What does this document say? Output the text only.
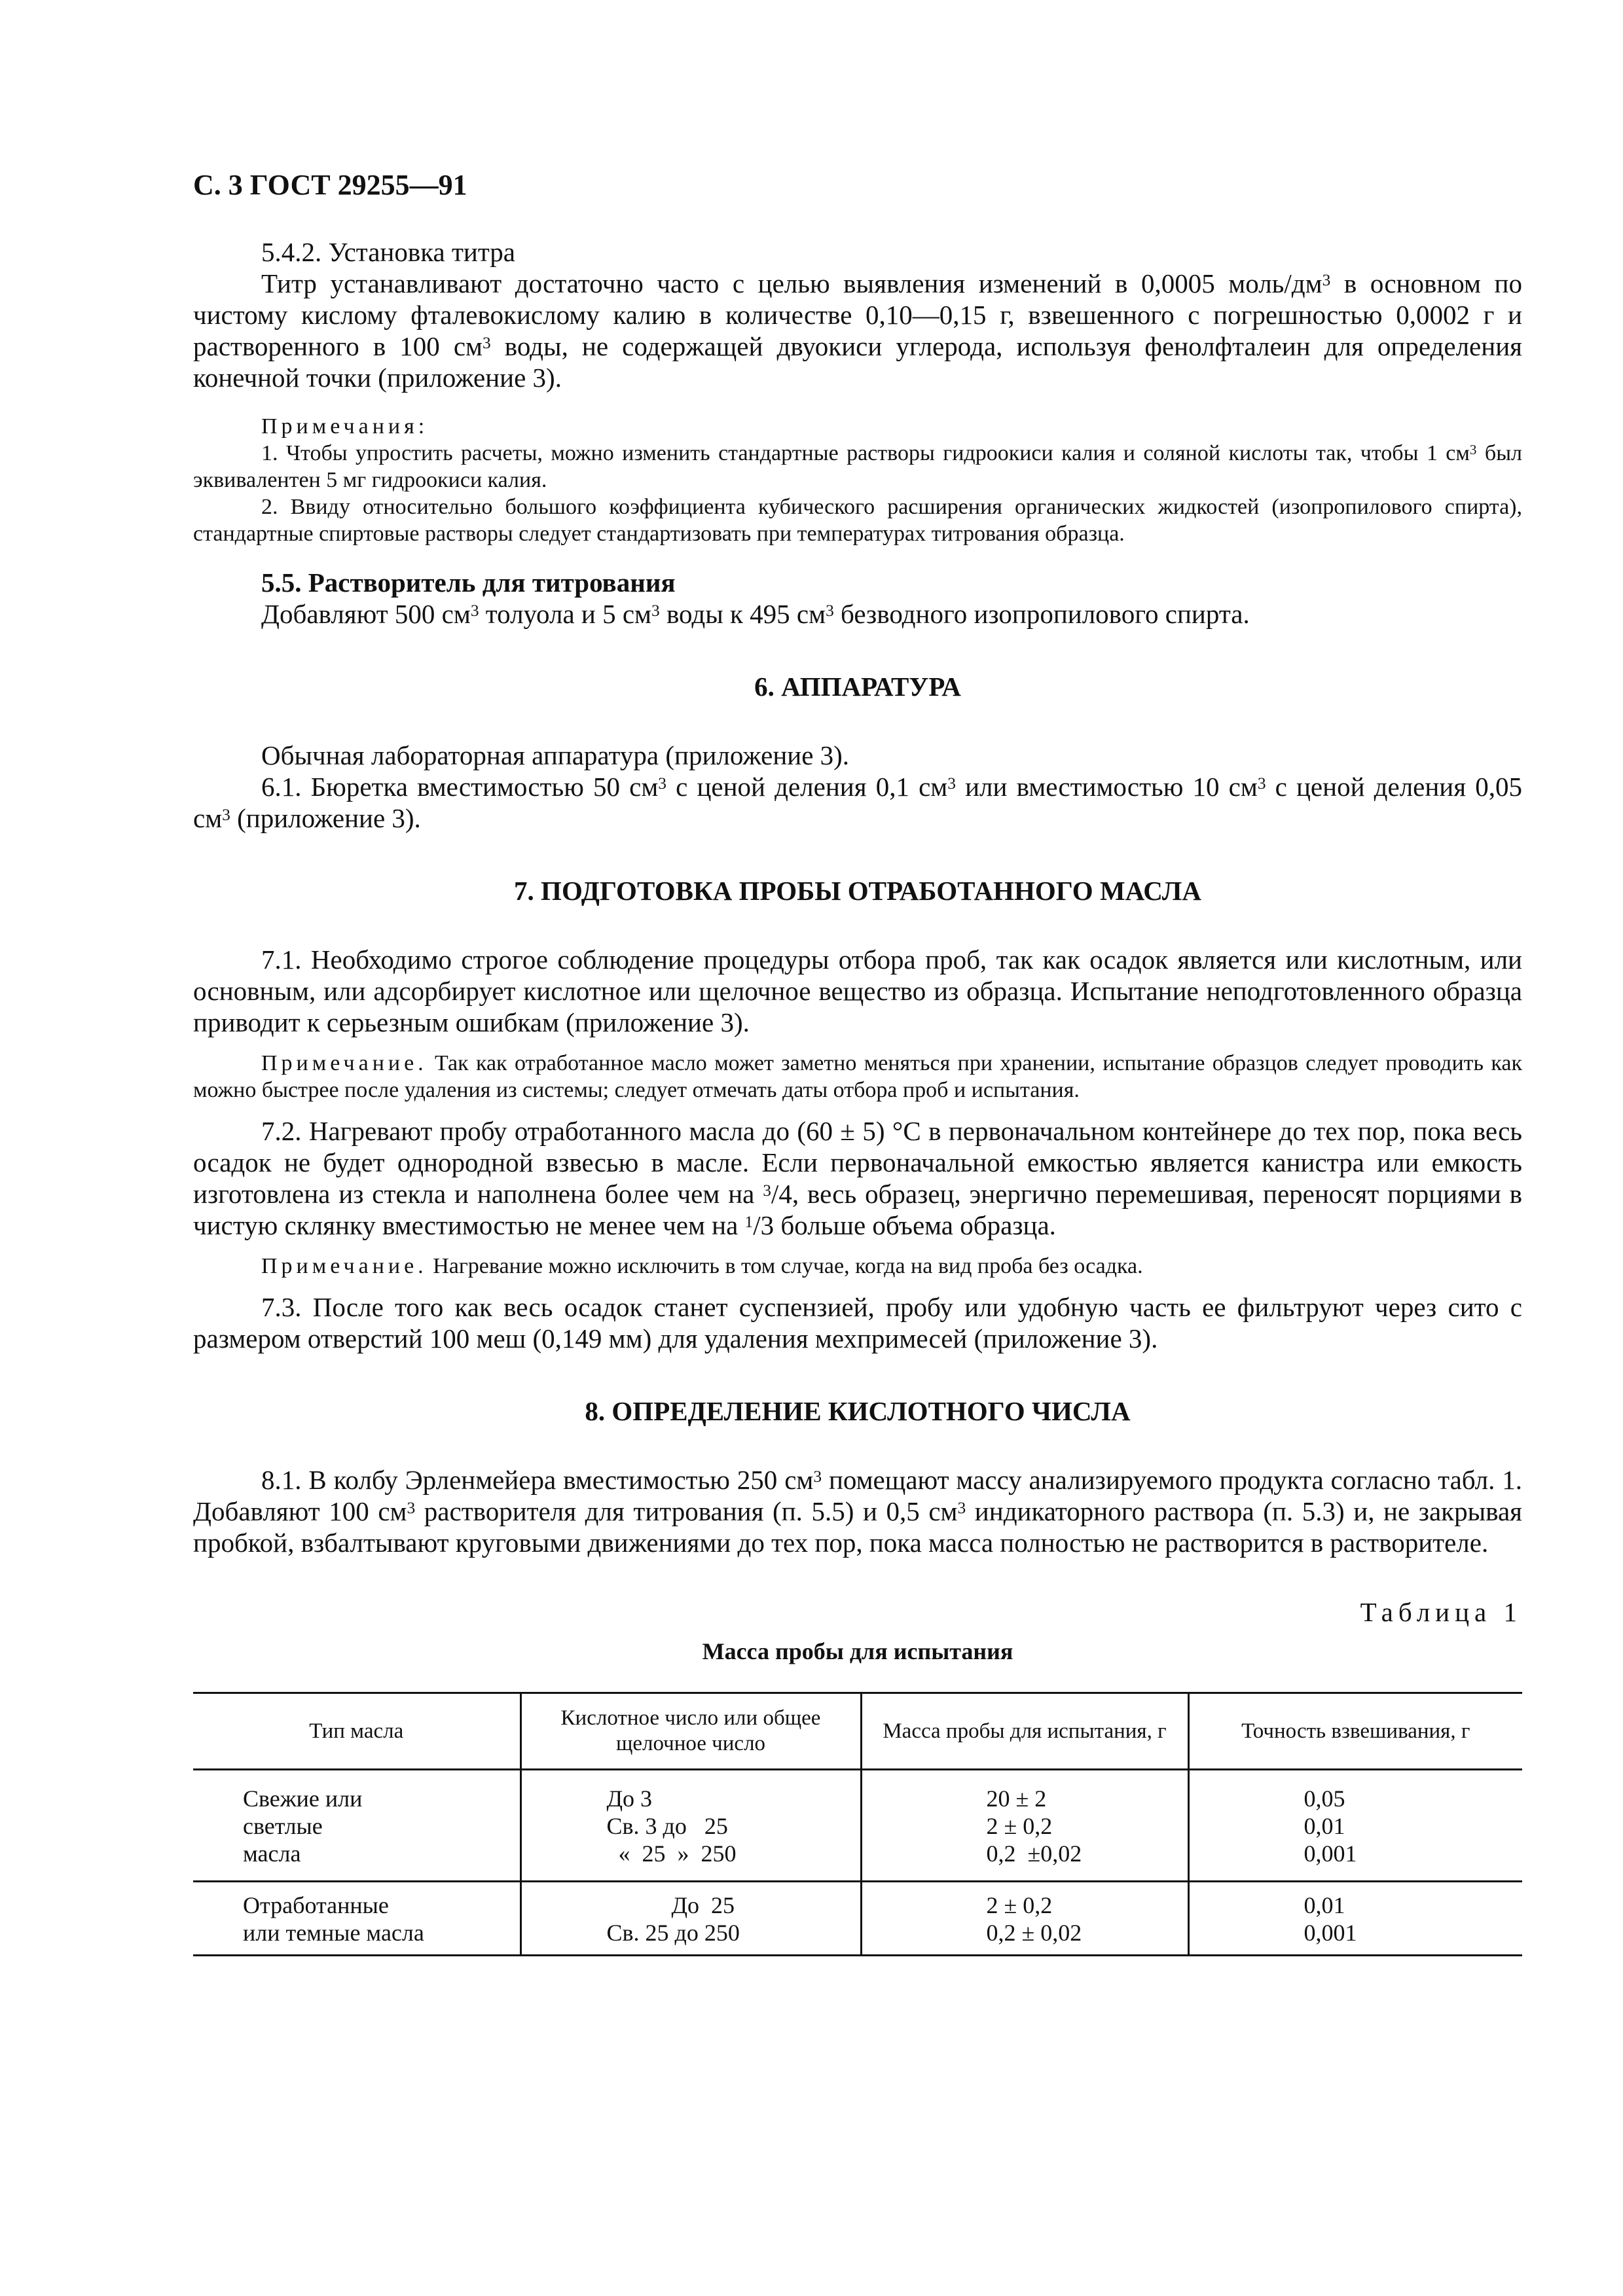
С. 3 ГОСТ 29255—91

5.4.2. Установка титра

Титр устанавливают достаточно часто с целью выявления изменений в 0,0005 моль/$дм^3$ в основном по чистому кислому фталевокислому калию в количестве 0,10—0,15 г, взвешенного с погрешностью 0,0002 г и растворенного в 100 $см^3$ воды, не содержащей двуокиси углерода, используя фенолфталеин для определения конечной точки (приложение 3).

Примечания:

1. Чтобы упростить расчеты, можно изменить стандартные растворы гидроокиси калия и соляной кислоты так, чтобы 1 $см^3$ был эквивалентен 5 мг гидроокиси калия.

2. Ввиду относительно большого коэффициента кубического расширения органических жидкостей (изопропилового спирта), стандартные спиртовые растворы следует стандартизовать при температурах титрования образца.

5.5. Растворитель для титрования

Добавляют 500 $см^3$ толуола и 5 $см^3$ воды к 495 $см^3$ безводного изопропилового спирта.

6. АППАРАТУРА

Обычная лабораторная аппаратура (приложение 3).

6.1. Бюретка вместимостью 50 $см^3$ с ценой деления 0,1 $см^3$ или вместимостью 10 $см^3$ с ценой деления 0,05 $см^3$ (приложение 3).

7. ПОДГОТОВКА ПРОБЫ ОТРАБОТАННОГО МАСЛА

7.1. Необходимо строгое соблюдение процедуры отбора проб, так как осадок является или кислотным, или основным, или адсорбирует кислотное или щелочное вещество из образца. Испытание неподготовленного образца приводит к серьезным ошибкам (приложение 3).

Примечание. Так как отработанное масло может заметно меняться при хранении, испытание образцов следует проводить как можно быстрее после удаления из системы; следует отмечать даты отбора проб и испытания.

7.2. Нагревают пробу отработанного масла до (60 ± 5) °С в первоначальном контейнере до тех пор, пока весь осадок не будет однородной взвесью в масле. Если первоначальной емкостью является канистра или емкость изготовлена из стекла и наполнена более чем на $^3$/4, весь образец, энергично перемешивая, переносят порциями в чистую склянку вместимостью не менее чем на $^1$/3 больше объема образца.

Примечание. Нагревание можно исключить в том случае, когда на вид проба без осадка.

7.3. После того как весь осадок станет суспензией, пробу или удобную часть ее фильтруют через сито с размером отверстий 100 меш (0,149 мм) для удаления мехпримесей (приложение 3).

8. ОПРЕДЕЛЕНИЕ КИСЛОТНОГО ЧИСЛА

8.1. В колбу Эрленмейера вместимостью 250 $см^3$ помещают массу анализируемого продукта согласно табл. 1. Добавляют 100 $см^3$ растворителя для титрования (п. 5.5) и 0,5 $см^3$ индикаторного раствора (п. 5.3) и, не закрывая пробкой, взбалтывают круговыми движениями до тех пор, пока масса полностью не растворится в растворителе.

Таблица 1
Масса пробы для испытания
Тип масла	Кислотное число или общее щелочное число	Масса пробы для испытания, г	Точность взвешивания, г

Свежие или
светлые
масла	До 3
Св. 3 до   25
«  25  »  250	20 ± 2
2 ± 0,2
0,2  ±0,02	0,05
0,01
0,001

Отработанные
или темные масла	До  25
Св. 25 до 250	2 ± 0,2
0,2 ± 0,02	0,01
0,001
